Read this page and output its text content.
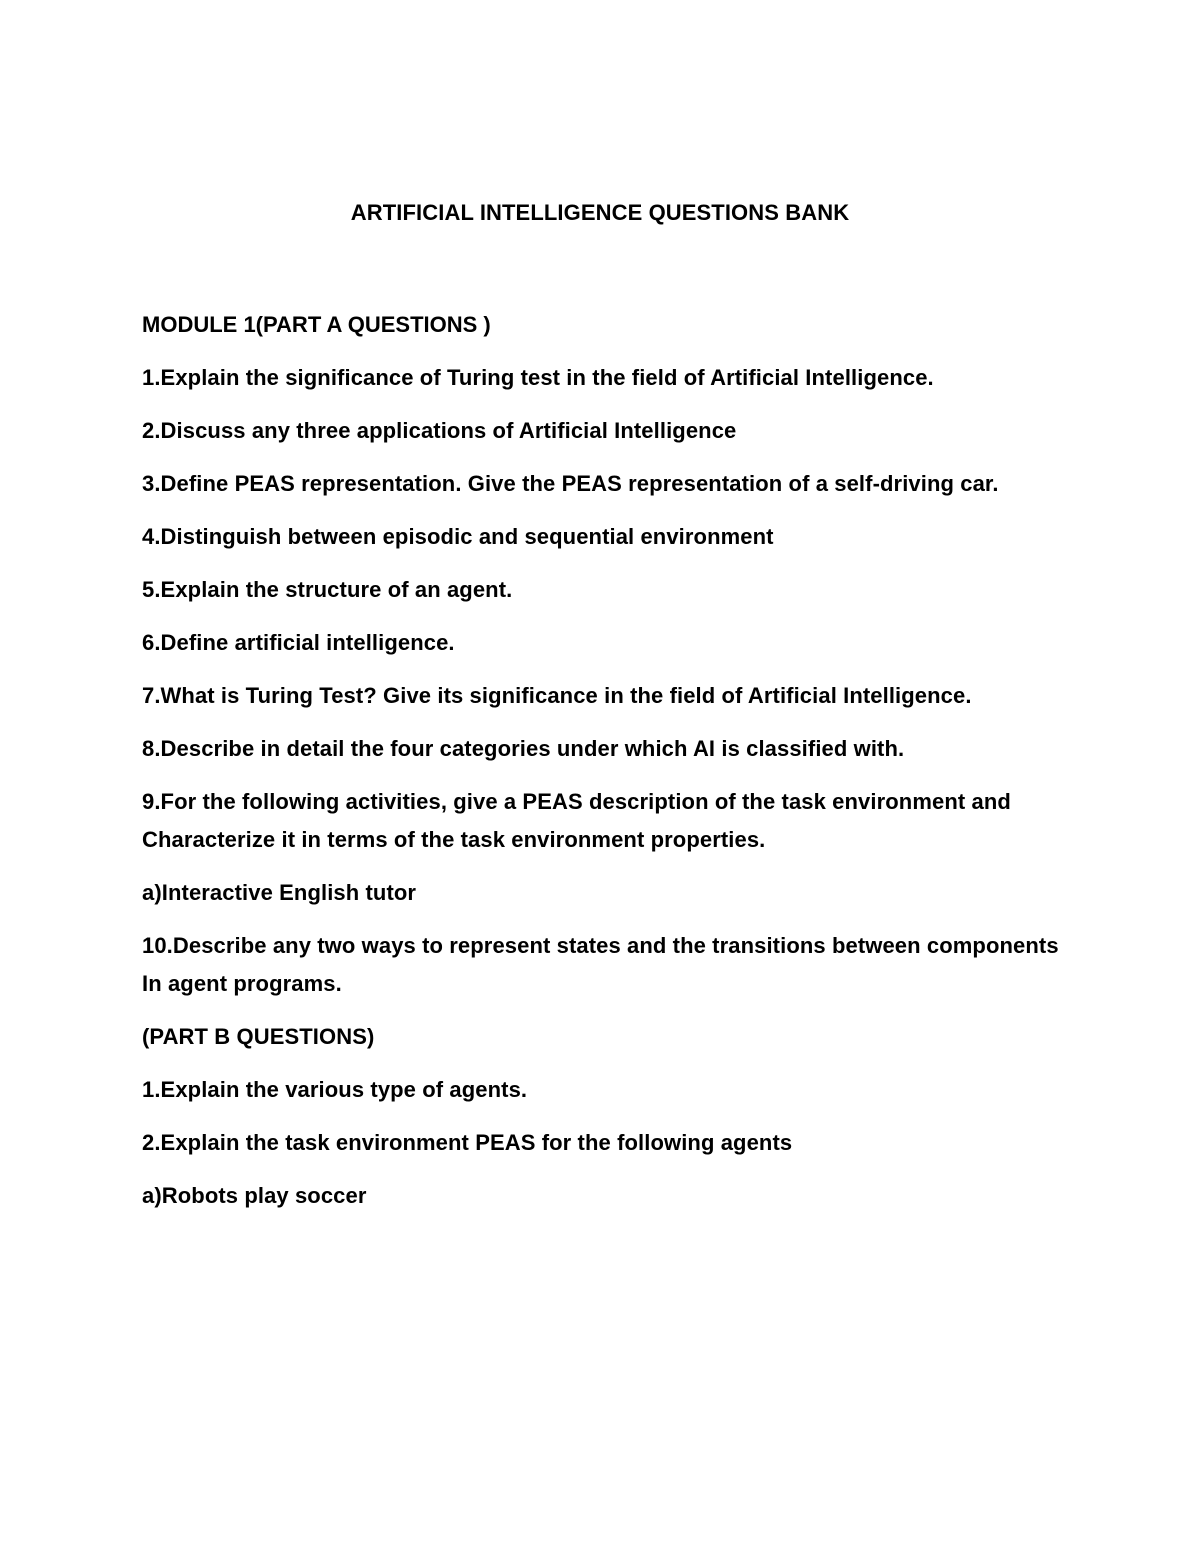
ARTIFICIAL INTELLIGENCE QUESTIONS BANK

MODULE 1(PART A QUESTIONS )

1.Explain the significance of Turing test in the field of Artificial Intelligence.

2.Discuss any three applications of Artificial Intelligence

3.Define PEAS representation. Give the PEAS representation of a self-driving car.

4.Distinguish between episodic and sequential environment

5.Explain the structure of an agent.

6.Define artificial intelligence.

7.What is Turing Test? Give its significance in the field of Artificial Intelligence.

8.Describe in detail the four categories under which AI is classified with.

9.For the following activities, give a PEAS description of the task environment and Characterize it in terms of the task environment properties.

a)Interactive English tutor

10.Describe any two ways to represent states and the transitions between components In agent programs.

(PART B QUESTIONS)

1.Explain the various type of agents.

2.Explain the task environment PEAS for the following agents

a)Robots play soccer
